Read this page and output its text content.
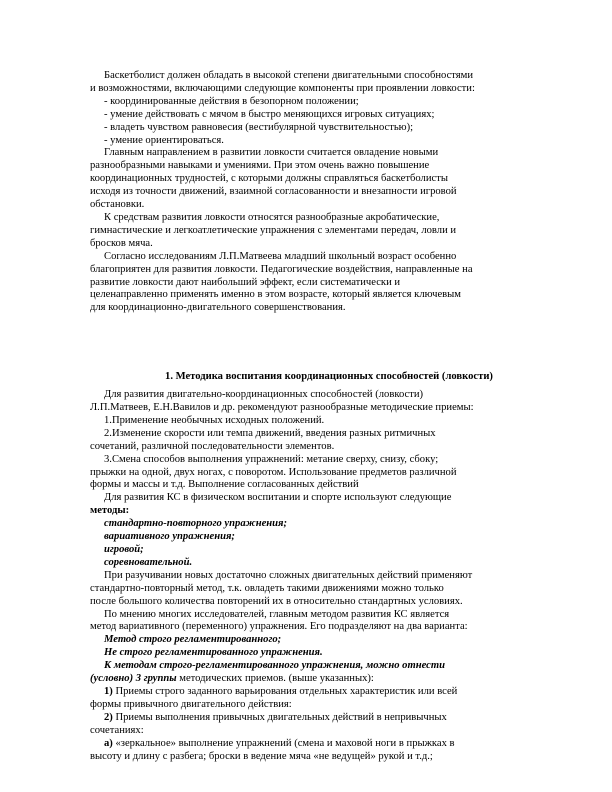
Баскетболист должен обладать в высокой степени двигательными способностями
и возможностями, включающими следующие компоненты при проявлении ловкости:
- координированные действия в безопорном положении;
- умение действовать с мячом в быстро меняющихся игровых ситуациях;
- владеть чувством равновесия (вестибулярной чувствительностью);
- умение ориентироваться.
Главным направлением в развитии ловкости считается овладение новыми
разнообразными навыками и умениями. При этом очень важно повышение
координационных трудностей, с которыми должны справляться баскетболисты
исходя из точности движений, взаимной согласованности и внезапности игровой
обстановки.
К средствам развития ловкости относятся разнообразные акробатические,
гимнастические и легкоатлетические упражнения с элементами передач, ловли и
бросков мяча.
Согласно исследованиям Л.П.Матвеева младший школьный возраст особенно
благоприятен для развития ловкости. Педагогические воздействия, направленные на
развитие ловкости дают наибольший эффект, если систематически и
целенаправленно применять именно в этом возрасте, который является ключевым
для координационно-двигательного совершенствования.
1. Методика воспитания координационных способностей (ловкости)
Для развития двигательно-координационных способностей (ловкости)
Л.П.Матвеев, Е.Н.Вавилов и др. рекомендуют разнообразные методические приемы:
1.Применение необычных исходных положений.
2.Изменение скорости или темпа движений, введения разных ритмичных
сочетаний, различной последовательности элементов.
3.Смена способов выполнения упражнений: метание сверху, снизу, сбоку;
прыжки на одной, двух ногах, с поворотом. Использование предметов различной
формы и массы и т.д. Выполнение согласованных действий
Для развития КС в физическом воспитании и спорте используют следующие
методы:
стандартно-повторного упражнения;
вариативного упражнения;
игровой;
соревновательной.
При разучивании новых достаточно сложных двигательных действий применяют
стандартно-повторный метод, т.к. овладеть такими движениями можно только
после большого количества повторений их в относительно стандартных условиях.
По мнению многих исследователей, главным методом развития КС является
метод вариативного (переменного) упражнения. Его подразделяют на два варианта:
Метод строго регламентированного;
Не строго регламентированного упражнения.
К методам строго-регламентированного упражнения, можно отнести
(условно) 3 группы методических приемов. (выше указанных):
1) Приемы строго заданного варьирования отдельных характеристик или всей
формы привычного двигательного действия:
2) Приемы выполнения привычных двигательных действий в непривычных
сочетаниях:
а) «зеркальное» выполнение упражнений (смена и маховой ноги в прыжках в
высоту и длину с разбега; броски в ведение мяча «не ведущей» рукой и т.д.;
